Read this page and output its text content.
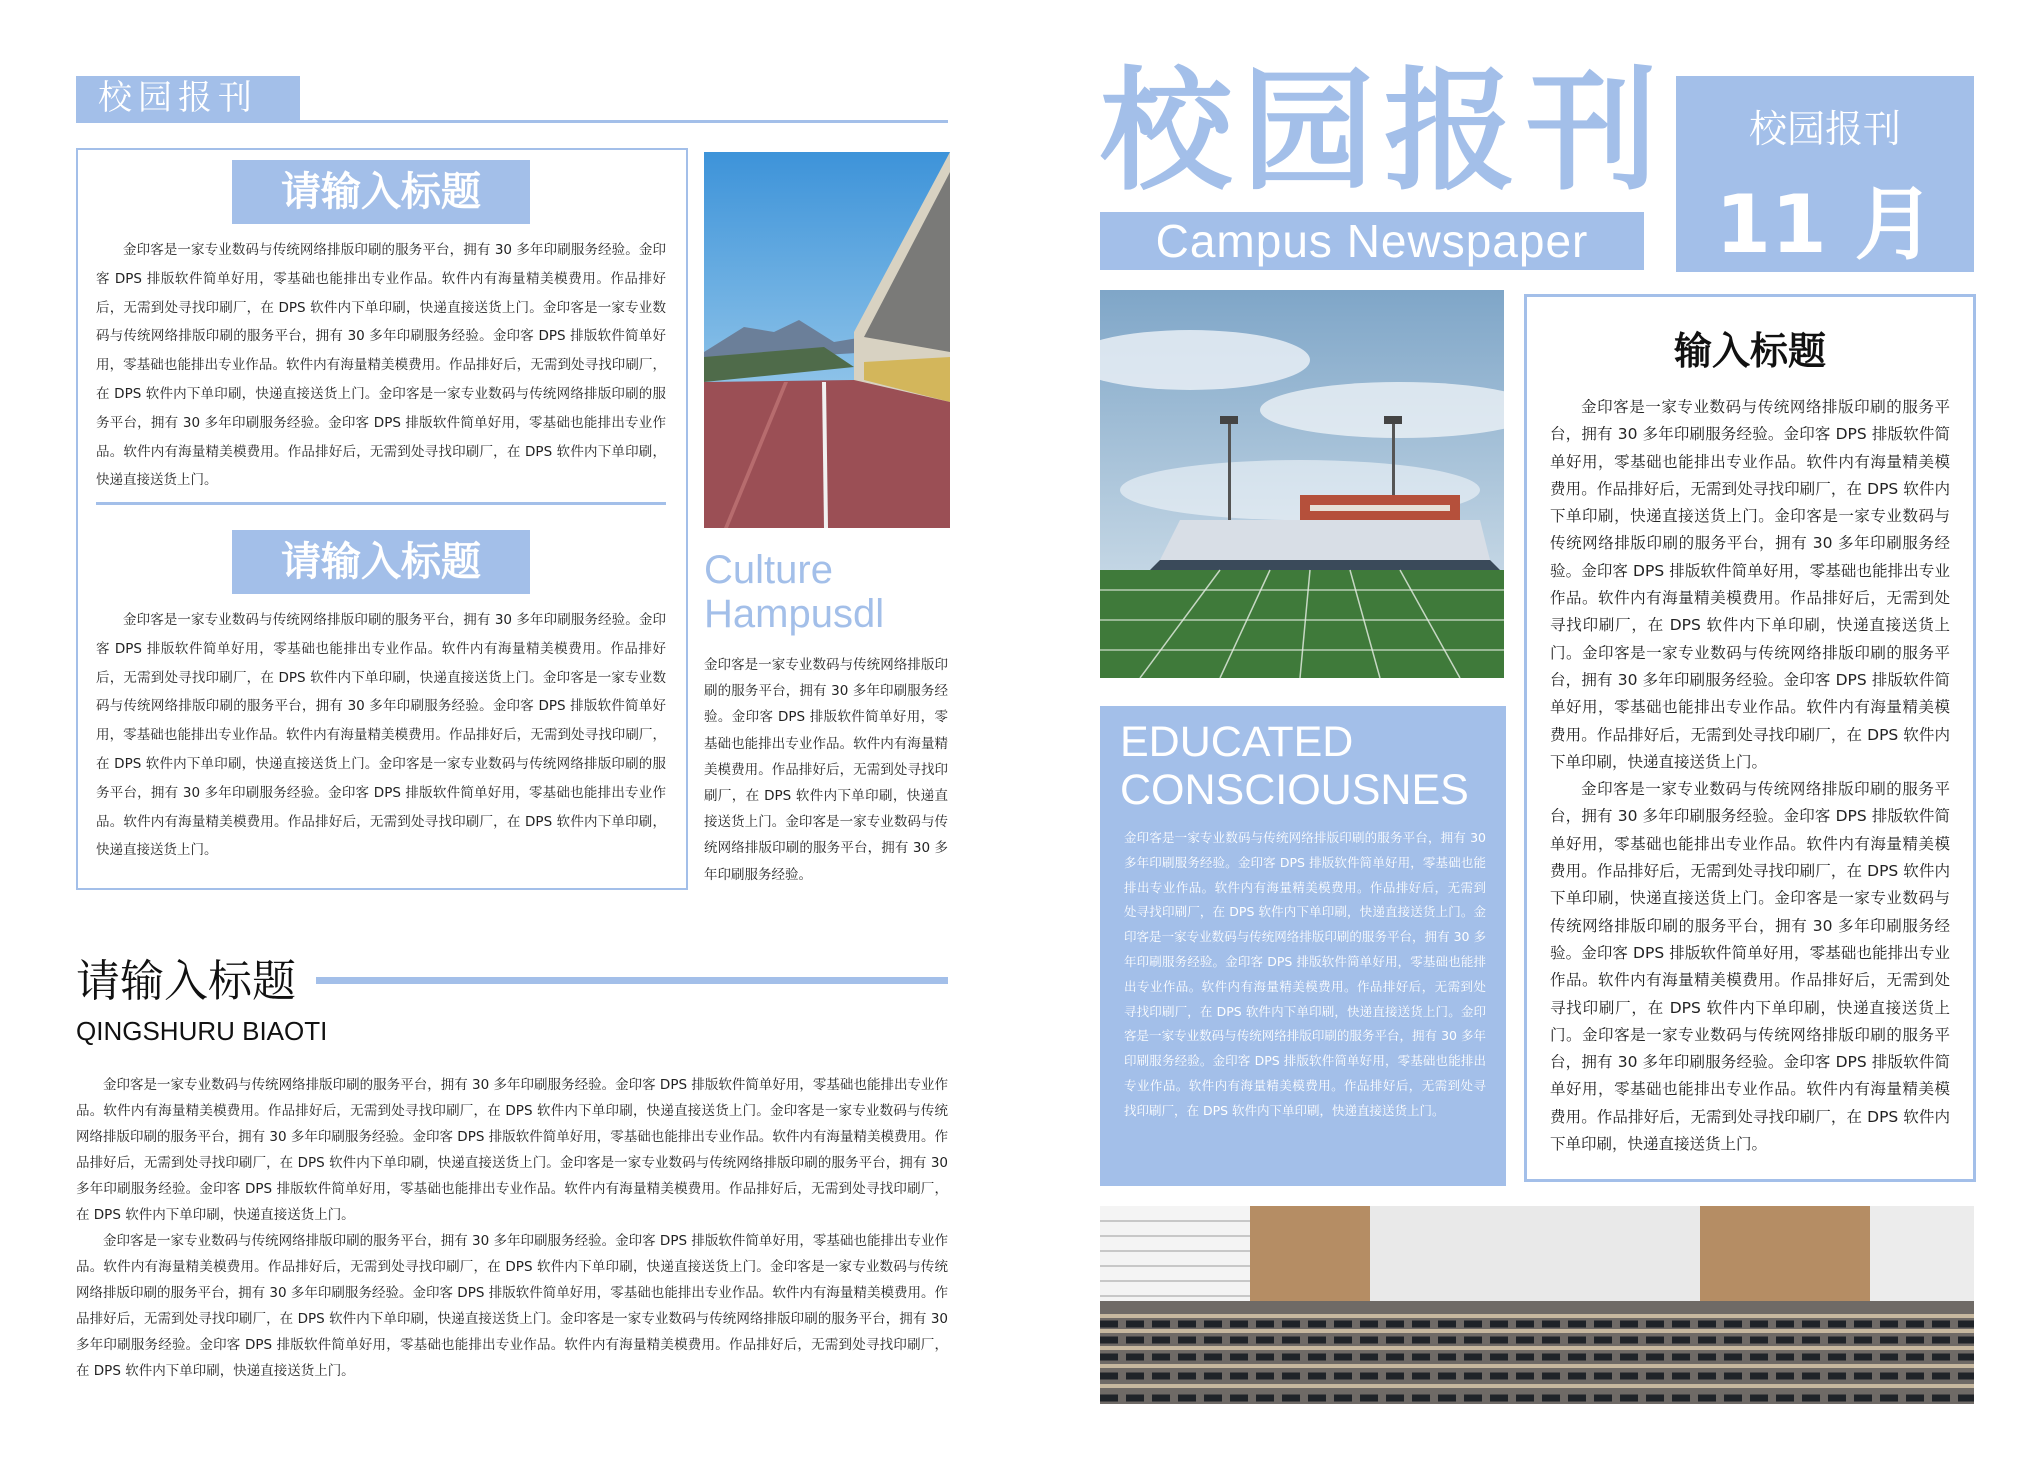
校园报刊
请输入标题

金印客是一家专业数码与传统网络排版印刷的服务平台，拥有 30 多年印刷服务经验。金印客 DPS 排版软件简单好用，零基础也能排出专业作品。软件内有海量精美模费用。作品排好后，无需到处寻找印刷厂，在 DPS 软件内下单印刷，快递直接送货上门。金印客是一家专业数码与传统网络排版印刷的服务平台，拥有 30 多年印刷服务经验。金印客 DPS 排版软件简单好用，零基础也能排出专业作品。软件内有海量精美模费用。作品排好后，无需到处寻找印刷厂，在 DPS 软件内下单印刷，快递直接送货上门。金印客是一家专业数码与传统网络排版印刷的服务平台，拥有 30 多年印刷服务经验。金印客 DPS 排版软件简单好用，零基础也能排出专业作品。软件内有海量精美模费用。作品排好后，无需到处寻找印刷厂，在 DPS 软件内下单印刷，快递直接送货上门。

请输入标题

金印客是一家专业数码与传统网络排版印刷的服务平台，拥有 30 多年印刷服务经验。金印客 DPS 排版软件简单好用，零基础也能排出专业作品。软件内有海量精美模费用。作品排好后，无需到处寻找印刷厂，在 DPS 软件内下单印刷，快递直接送货上门。金印客是一家专业数码与传统网络排版印刷的服务平台，拥有 30 多年印刷服务经验。金印客 DPS 排版软件简单好用，零基础也能排出专业作品。软件内有海量精美模费用。作品排好后，无需到处寻找印刷厂，在 DPS 软件内下单印刷，快递直接送货上门。金印客是一家专业数码与传统网络排版印刷的服务平台，拥有 30 多年印刷服务经验。金印客 DPS 排版软件简单好用，零基础也能排出专业作品。软件内有海量精美模费用。作品排好后，无需到处寻找印刷厂，在 DPS 软件内下单印刷，快递直接送货上门。

Culture
Hampusdl

金印客是一家专业数码与传统网络排版印刷的服务平台，拥有 30 多年印刷服务经验。金印客 DPS 排版软件简单好用，零基础也能排出专业作品。软件内有海量精美模费用。作品排好后，无需到处寻找印刷厂，在 DPS 软件内下单印刷，快递直接送货上门。金印客是一家专业数码与传统网络排版印刷的服务平台，拥有 30 多年印刷服务经验。

请输入标题
QINGSHURU BIAOTI

金印客是一家专业数码与传统网络排版印刷的服务平台，拥有 30 多年印刷服务经验。金印客 DPS 排版软件简单好用，零基础也能排出专业作品。软件内有海量精美模费用。作品排好后，无需到处寻找印刷厂，在 DPS 软件内下单印刷，快递直接送货上门。金印客是一家专业数码与传统网络排版印刷的服务平台，拥有 30 多年印刷服务经验。金印客 DPS 排版软件简单好用，零基础也能排出专业作品。软件内有海量精美模费用。作品排好后，无需到处寻找印刷厂，在 DPS 软件内下单印刷，快递直接送货上门。金印客是一家专业数码与传统网络排版印刷的服务平台，拥有 30 多年印刷服务经验。金印客 DPS 排版软件简单好用，零基础也能排出专业作品。软件内有海量精美模费用。作品排好后，无需到处寻找印刷厂，在 DPS 软件内下单印刷，快递直接送货上门。

金印客是一家专业数码与传统网络排版印刷的服务平台，拥有 30 多年印刷服务经验。金印客 DPS 排版软件简单好用，零基础也能排出专业作品。软件内有海量精美模费用。作品排好后，无需到处寻找印刷厂，在 DPS 软件内下单印刷，快递直接送货上门。金印客是一家专业数码与传统网络排版印刷的服务平台，拥有 30 多年印刷服务经验。金印客 DPS 排版软件简单好用，零基础也能排出专业作品。软件内有海量精美模费用。作品排好后，无需到处寻找印刷厂，在 DPS 软件内下单印刷，快递直接送货上门。金印客是一家专业数码与传统网络排版印刷的服务平台，拥有 30 多年印刷服务经验。金印客 DPS 排版软件简单好用，零基础也能排出专业作品。软件内有海量精美模费用。作品排好后，无需到处寻找印刷厂，在 DPS 软件内下单印刷，快递直接送货上门。

校园报刊
Campus Newspaper
校园报刊
11 月刊
EDUCATED
CONSCIOUSNES

金印客是一家专业数码与传统网络排版印刷的服务平台，拥有 30 多年印刷服务经验。金印客 DPS 排版软件简单好用，零基础也能排出专业作品。软件内有海量精美模费用。作品排好后，无需到处寻找印刷厂，在 DPS 软件内下单印刷，快递直接送货上门。金印客是一家专业数码与传统网络排版印刷的服务平台，拥有 30 多年印刷服务经验。金印客 DPS 排版软件简单好用，零基础也能排出专业作品。软件内有海量精美模费用。作品排好后，无需到处寻找印刷厂，在 DPS 软件内下单印刷，快递直接送货上门。金印客是一家专业数码与传统网络排版印刷的服务平台，拥有 30 多年印刷服务经验。金印客 DPS 排版软件简单好用，零基础也能排出专业作品。软件内有海量精美模费用。作品排好后，无需到处寻找印刷厂，在 DPS 软件内下单印刷，快递直接送货上门。

输入标题

金印客是一家专业数码与传统网络排版印刷的服务平台，拥有 30 多年印刷服务经验。金印客 DPS 排版软件简单好用，零基础也能排出专业作品。软件内有海量精美模费用。作品排好后，无需到处寻找印刷厂，在 DPS 软件内下单印刷，快递直接送货上门。金印客是一家专业数码与传统网络排版印刷的服务平台，拥有 30 多年印刷服务经验。金印客 DPS 排版软件简单好用，零基础也能排出专业作品。软件内有海量精美模费用。作品排好后，无需到处寻找印刷厂，在 DPS 软件内下单印刷，快递直接送货上门。金印客是一家专业数码与传统网络排版印刷的服务平台，拥有 30 多年印刷服务经验。金印客 DPS 排版软件简单好用，零基础也能排出专业作品。软件内有海量精美模费用。作品排好后，无需到处寻找印刷厂，在 DPS 软件内下单印刷，快递直接送货上门。

金印客是一家专业数码与传统网络排版印刷的服务平台，拥有 30 多年印刷服务经验。金印客 DPS 排版软件简单好用，零基础也能排出专业作品。软件内有海量精美模费用。作品排好后，无需到处寻找印刷厂，在 DPS 软件内下单印刷，快递直接送货上门。金印客是一家专业数码与传统网络排版印刷的服务平台，拥有 30 多年印刷服务经验。金印客 DPS 排版软件简单好用，零基础也能排出专业作品。软件内有海量精美模费用。作品排好后，无需到处寻找印刷厂，在 DPS 软件内下单印刷，快递直接送货上门。金印客是一家专业数码与传统网络排版印刷的服务平台，拥有 30 多年印刷服务经验。金印客 DPS 排版软件简单好用，零基础也能排出专业作品。软件内有海量精美模费用。作品排好后，无需到处寻找印刷厂，在 DPS 软件内下单印刷，快递直接送货上门。
